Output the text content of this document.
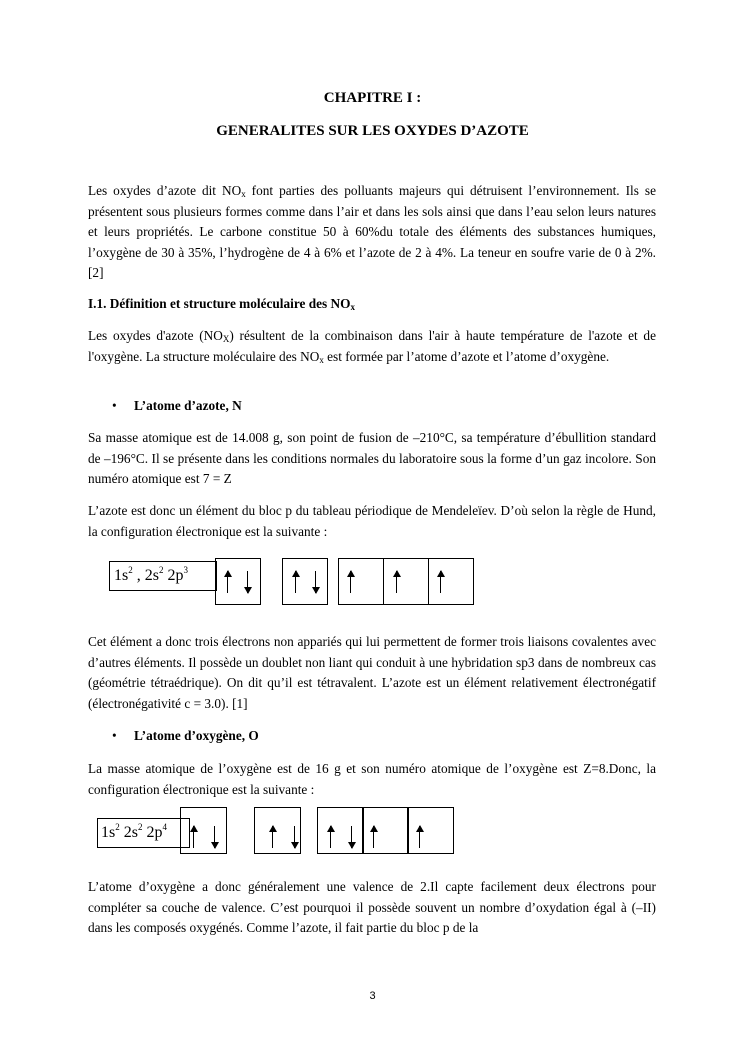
CHAPITRE I :
GENERALITES SUR LES OXYDES D’AZOTE

Les oxydes d’azote dit $NO_x$ font parties des polluants majeurs qui détruisent l’environnement. Ils se présentent sous plusieurs formes comme dans l’air et dans les sols ainsi que dans l’eau selon leurs natures et leurs propriétés. Le carbone constitue 50 à 60%du totale des éléments des substances humiques, l’oxygène de 30 à 35%, l’hydrogène de 4 à 6% et l’azote de 2 à 4%. La teneur en soufre varie de 0 à 2%. [2]

I.1. Définition et structure moléculaire des $NO_x$

Les oxydes d'azote $(NO_X)$ résultent de la combinaison dans l'air à haute température de l'azote et de l'oxygène. La structure moléculaire des $NO_x$ est formée par l’atome d’azote et l’atome d’oxygène.

• L’atome d’azote, N

Sa masse atomique est de 14.008 g, son point de fusion de –210°C, sa température d’ébullition standard de –196°C. Il se présente dans les conditions normales du laboratoire sous la forme d’un gaz incolore. Son numéro atomique est 7 = Z

L’azote est donc un élément du bloc p du tableau périodique de Mendeleïev. D’où selon la règle de Hund, la configuration électronique est la suivante :

$1s^2$ , $2s^2$ $2p^3$

Cet élément a donc trois électrons non appariés qui lui permettent de former trois liaisons covalentes avec d’autres éléments. Il possède un doublet non liant qui conduit à une hybridation sp3 dans de nombreux cas (géométrie tétraédrique). On dit qu’il est tétravalent. L’azote est un élément relativement électronégatif (électronégativité c = 3.0). [1]

• L’atome d’oxygène, O

La masse atomique de l’oxygène est de 16 g et son numéro atomique de l’oxygène est Z=8.Donc, la configuration électronique est la suivante :

$1s^2$ $2s^2$ $2p^4$

L’atome d’oxygène a donc généralement une valence de 2.Il capte facilement deux électrons pour compléter sa couche de valence. C’est pourquoi il possède souvent un nombre d’oxydation égal à (–II) dans les composés oxygénés. Comme l’azote, il fait partie du bloc p de la

3
